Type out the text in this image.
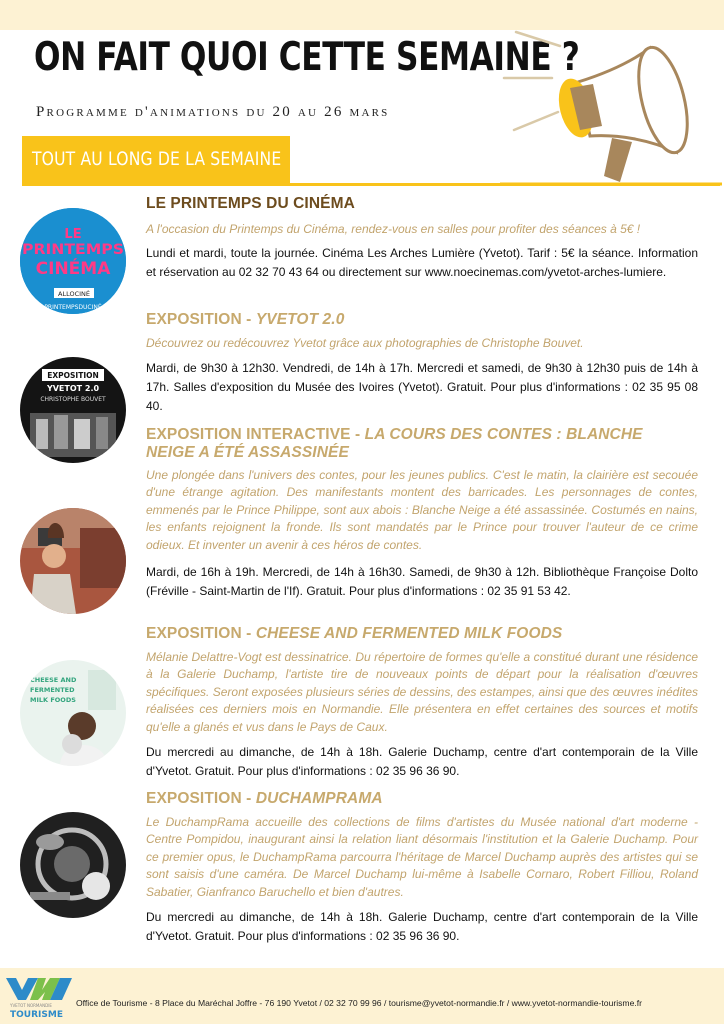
ON FAIT QUOI CETTE SEMAINE ?
Programme d'animations du 20 au 26 mars
TOUT AU LONG DE LA SEMAINE
LE
PRINTEMPS
CINÉMA
ALLOCINÉ
PRINTEMPSDUCINÉ
LE PRINTEMPS DU CINÉMA

A l'occasion du Printemps du Cinéma, rendez-vous en salles pour profiter des séances à 5€ !

Lundi et mardi, toute la journée. Cinéma Les Arches Lumière (Yvetot). Tarif : 5€ la séance. Information et réservation au 02 32 70 43 64 ou directement sur www.noecinemas.com/yvetot-arches-lumiere.

EXPOSITION
YVETOT 2.0
CHRISTOPHE BOUVET
EXPOSITION - YVETOT 2.0

Découvrez ou redécouvrez Yvetot grâce aux photographies de Christophe Bouvet.

Mardi, de 9h30 à 12h30. Vendredi, de 14h à 17h. Mercredi et samedi, de 9h30 à 12h30 puis de 14h à 17h. Salles d'exposition du Musée des Ivoires (Yvetot). Gratuit. Pour plus d'informations : 02 35 95 08 40.

EXPOSITION INTERACTIVE - LA COURS DES CONTES : BLANCHE
NEIGE A ÉTÉ ASSASSINÉE

Une plongée dans l'univers des contes, pour les jeunes publics. C'est le matin, la clairière est secouée d'une étrange agitation. Des manifestants montent des barricades. Les personnages de contes, emmenés par le Prince Philippe, sont aux abois : Blanche Neige a été assassinée. Costumés en nains, les enfants rejoignent la fronde. Ils sont mandatés par le Prince pour trouver l'auteur de ce crime odieux. Et inventer un avenir à ces héros de contes.

Mardi, de 16h à 19h. Mercredi, de 14h à 16h30. Samedi, de 9h30 à 12h. Bibliothèque Françoise Dolto (Fréville - Saint-Martin de l'If). Gratuit. Pour plus d'informations : 02 35 91 53 42.

CHEESE AND
FERMENTED
MILK FOODS
EXPOSITION - CHEESE AND FERMENTED MILK FOODS

Mélanie Delattre-Vogt est dessinatrice. Du répertoire de formes qu'elle a constitué durant une résidence à la Galerie Duchamp, l'artiste tire de nouveaux points de départ pour la réalisation d'œuvres spécifiques. Seront exposées plusieurs séries de dessins, des estampes, ainsi que des œuvres inédites réalisées ces derniers mois en Normandie. Elle présentera en effet certaines des sources et motifs qu'elle a glanés et vus dans le Pays de Caux.

Du mercredi au dimanche, de 14h à 18h. Galerie Duchamp, centre d'art contemporain de la Ville d'Yvetot. Gratuit. Pour plus d'informations : 02 35 96 36 90.

EXPOSITION - DUCHAMPRAMA

Le DuchampRama accueille des collections de films d'artistes du Musée national d'art moderne - Centre Pompidou, inaugurant ainsi la relation liant désormais l'institution et la Galerie Duchamp. Pour ce premier opus, le DuchampRama parcourra l'héritage de Marcel Duchamp auprès des artistes qui se sont saisis d'une caméra. De Marcel Duchamp lui-même à Isabelle Cornaro, Robert Filliou, Roland Sabatier, Gianfranco Baruchello et bien d'autres.

Du mercredi au dimanche, de 14h à 18h. Galerie Duchamp, centre d'art contemporain de la Ville d'Yvetot. Gratuit. Pour plus d'informations : 02 35 96 36 90.

YVETOT NORMANDIE
TOURISME
Office de Tourisme - 8 Place du Maréchal Joffre - 76 190 Yvetot / 02 32 70 99 96 / tourisme@yvetot-normandie.fr / www.yvetot-normandie-tourisme.fr
